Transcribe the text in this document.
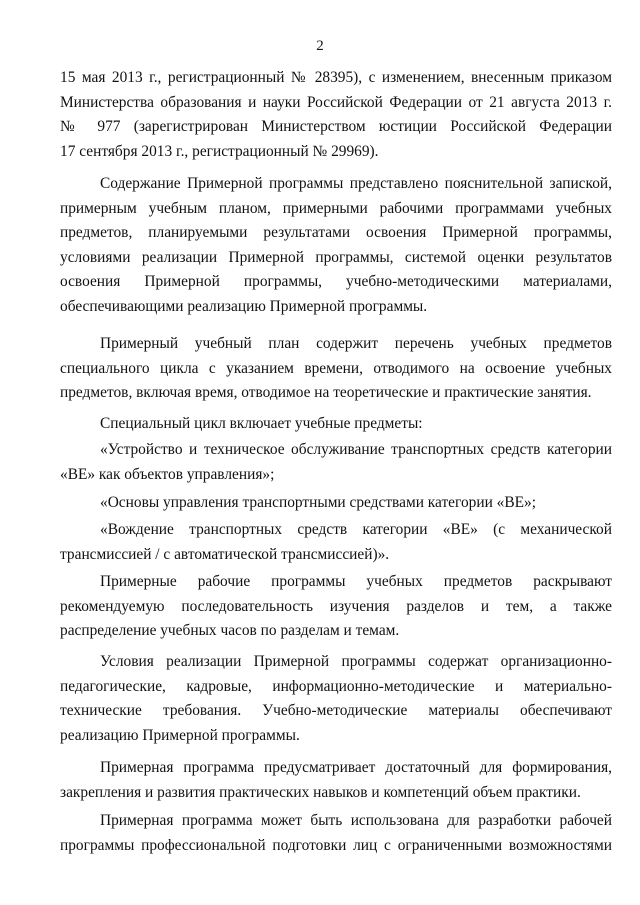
2
15 мая 2013 г., регистрационный № 28395), с изменением, внесенным приказом
Министерства образования и науки Российской Федерации от 21 августа 2013 г.
№ 977 (зарегистрирован Министерством юстиции Российской Федерации
17 сентября 2013 г., регистрационный № 29969).
Содержание Примерной программы представлено пояснительной запиской,
примерным учебным планом, примерными рабочими программами учебных
предметов, планируемыми результатами освоения Примерной программы,
условиями реализации Примерной программы, системой оценки результатов
освоения Примерной программы, учебно-методическими материалами,
обеспечивающими реализацию Примерной программы.
Примерный учебный план содержит перечень учебных предметов
специального цикла с указанием времени, отводимого на освоение учебных
предметов, включая время, отводимое на теоретические и практические занятия.
Специальный цикл включает учебные предметы:
«Устройство и техническое обслуживание транспортных средств категории
«BE» как объектов управления»;
«Основы управления транспортными средствами категории «BE»;
«Вождение транспортных средств категории «BE» (с механической
трансмиссией / с автоматической трансмиссией)».
Примерные рабочие программы учебных предметов раскрывают
рекомендуемую последовательность изучения разделов и тем, а также
распределение учебных часов по разделам и темам.
Условия реализации Примерной программы содержат организационно-
педагогические, кадровые, информационно-методические и материально-
технические требования. Учебно-методические материалы обеспечивают
реализацию Примерной программы.
Примерная программа предусматривает достаточный для формирования,
закрепления и развития практических навыков и компетенций объем практики.
Примерная программа может быть использована для разработки рабочей
программы профессиональной подготовки лиц с ограниченными возможностями
